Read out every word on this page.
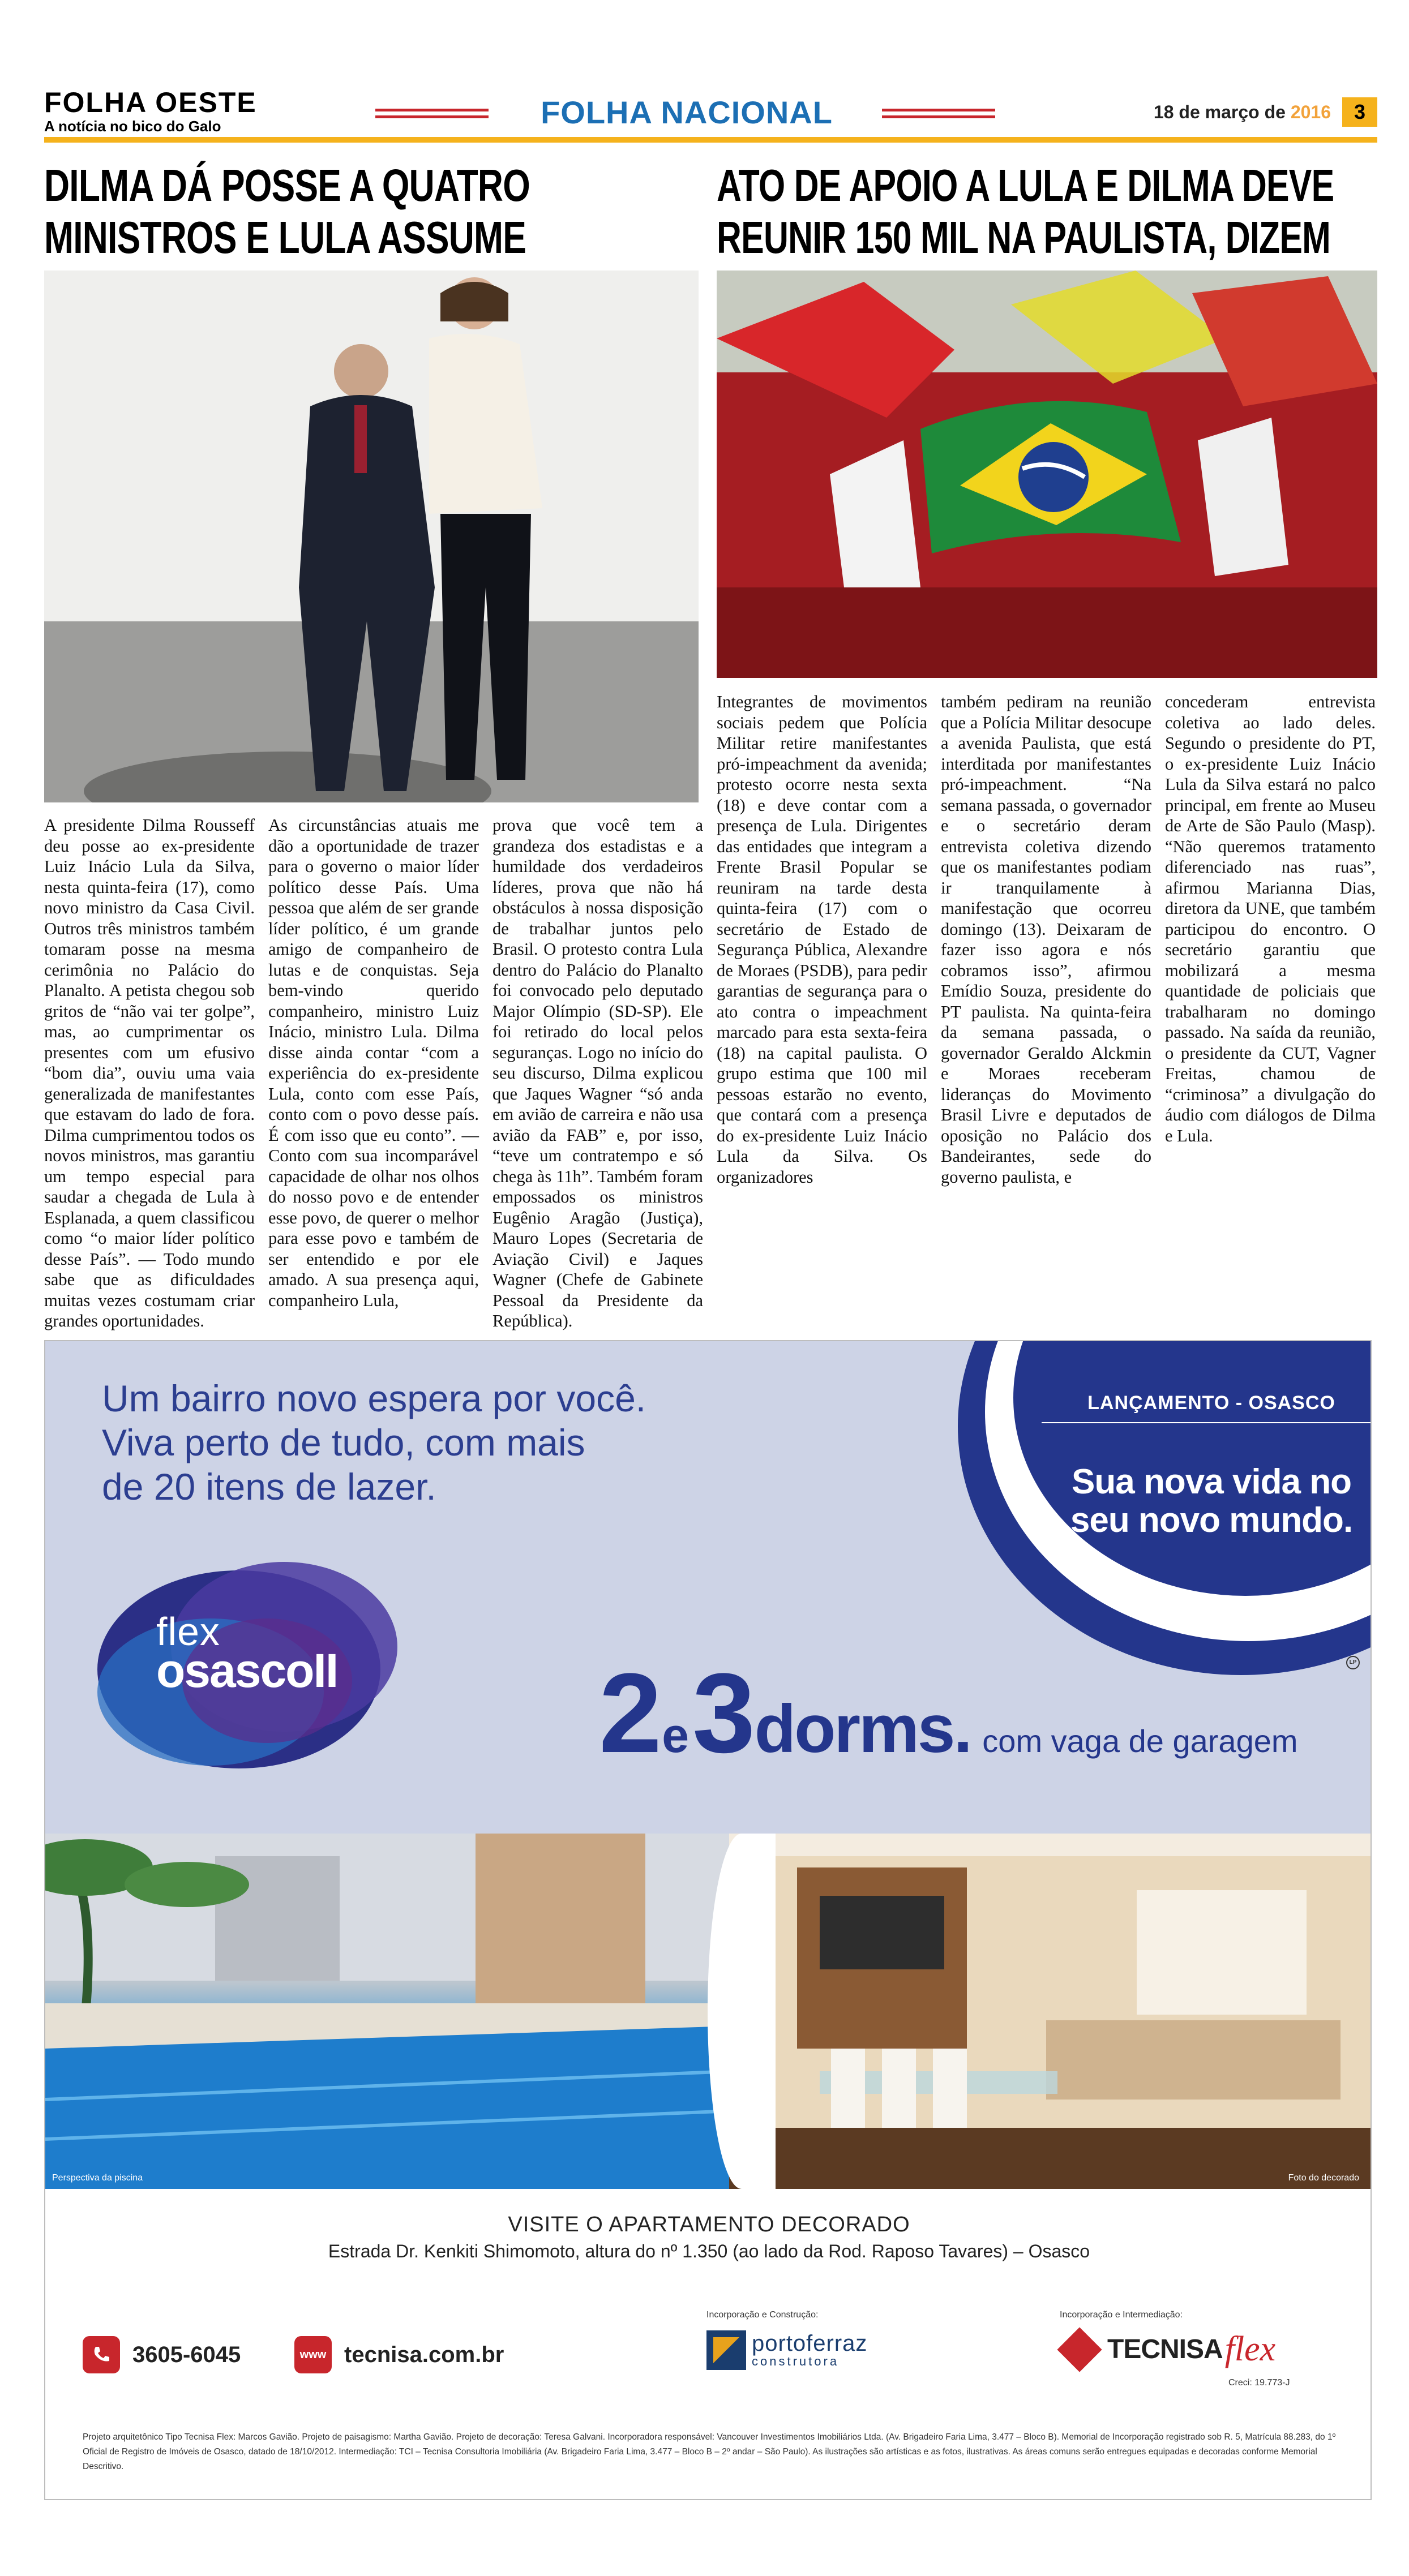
FOLHA OESTE
A notícia no bico do Galo	FOLHA NACIONAL	18 de março de 2016	3
DILMA DÁ POSSE A QUATRO MINISTROS E LULA ASSUME
ATO DE APOIO A LULA E DILMA DEVE REUNIR 150 MIL NA PAULISTA, DIZEM
A presidente Dilma Rousseff deu posse ao ex-presidente Luiz Inácio Lula da Silva, nesta quinta-feira (17), como novo ministro da Casa Civil. Outros três ministros também tomaram posse na mesma cerimônia no Palácio do Planalto. A petista chegou sob gritos de “não vai ter golpe”, mas, ao cumprimentar os presentes com um efusivo “bom dia”, ouviu uma vaia generalizada de manifestantes que estavam do lado de fora. Dilma cumprimentou todos os novos ministros, mas garantiu um tempo especial para saudar a chegada de Lula à Esplanada, a quem classificou como “o maior líder político desse País”. — Todo mundo sabe que as dificuldades muitas vezes costumam criar grandes oportunidades.
As circunstâncias atuais me dão a oportunidade de trazer para o governo o maior líder político desse País. Uma pessoa que além de ser grande líder político, é um grande amigo de companheiro de lutas e de conquistas. Seja bem-vindo querido companheiro, ministro Luiz Inácio, ministro Lula. Dilma disse ainda contar “com a experiência do ex-presidente Lula, conto com esse País, conto com o povo desse país. É com isso que eu conto”. — Conto com sua incomparável capacidade de olhar nos olhos do nosso povo e de entender esse povo, de querer o melhor para esse povo e também de ser entendido e por ele amado. A sua presença aqui, companheiro Lula,
prova que você tem a grandeza dos estadistas e a humildade dos verdadeiros líderes, prova que não há obstáculos à nossa disposição de trabalhar juntos pelo Brasil. O protesto contra Lula dentro do Palácio do Planalto foi convocado pelo deputado Major Olímpio (SD-SP). Ele foi retirado do local pelos seguranças. Logo no início do seu discurso, Dilma explicou que Jaques Wagner “só anda em avião de carreira e não usa avião da FAB” e, por isso, “teve um contratempo e só chega às 11h”. Também foram empossados os ministros Eugênio Aragão (Justiça), Mauro Lopes (Secretaria de Aviação Civil) e Jaques Wagner (Chefe de Gabinete Pessoal da Presidente da República).
Integrantes de movimentos sociais pedem que Polícia Militar retire manifestantes pró-impeachment da avenida; protesto ocorre nesta sexta (18) e deve contar com a presença de Lula. Dirigentes das entidades que integram a Frente Brasil Popular se reuniram na tarde desta quinta-feira (17) com o secretário de Estado de Segurança Pública, Alexandre de Moraes (PSDB), para pedir garantias de segurança para o ato contra o impeachment marcado para esta sexta-feira (18) na capital paulista. O grupo estima que 100 mil pessoas estarão no evento, que contará com a presença do ex-presidente Luiz Inácio Lula da Silva. Os organizadores
também pediram na reunião que a Polícia Militar desocupe a avenida Paulista, que está interditada por manifestantes pró-impeachment. “Na semana passada, o governador e o secretário deram entrevista coletiva dizendo que os manifestantes podiam ir tranquilamente à manifestação que ocorreu domingo (13). Deixaram de fazer isso agora e nós cobramos isso”, afirmou Emídio Souza, presidente do PT paulista. Na quinta-feira da semana passada, o governador Geraldo Alckmin e Moraes receberam lideranças do Movimento Brasil Livre e deputados de oposição no Palácio dos Bandeirantes, sede do governo paulista, e
concederam entrevista coletiva ao lado deles. Segundo o presidente do PT, o ex-presidente Luiz Inácio Lula da Silva estará no palco principal, em frente ao Museu de Arte de São Paulo (Masp). “Não queremos tratamento diferenciado nas ruas”, afirmou Marianna Dias, diretora da UNE, que também participou do encontro. O secretário garantiu que mobilizará a mesma quantidade de policiais que trabalharam no domingo passado. Na saída da reunião, o presidente da CUT, Vagner Freitas, chamou de “criminosa” a divulgação do áudio com diálogos de Dilma e Lula.
Um bairro novo espera por você.
Viva perto de tudo, com mais
de 20 itens de lazer.
LANÇAMENTO - OSASCO
Sua nova vida no
seu novo mundo.
LP
flex
osascoII 2e3 dorms. com vaga de garagem
Perspectiva da piscina	Foto do decorado
VISITE O APARTAMENTO DECORADO
Estrada Dr. Kenkiti Shimomoto, altura do nº 1.350 (ao lado da Rod. Raposo Tavares) – Osasco
3605-6045	www tecnisa.com.br
Incorporação e Construção:
portoferraz
construtora
Incorporação e Intermediação:
TECNISA flex
Creci: 19.773-J
Projeto arquitetônico Tipo Tecnisa Flex: Marcos Gavião. Projeto de paisagismo: Martha Gavião. Projeto de decoração: Teresa Galvani. Incorporadora responsável: Vancouver Investimentos Imobiliários Ltda. (Av. Brigadeiro Faria Lima, 3.477 – Bloco B). Memorial de Incorporação registrado sob R. 5, Matrícula 88.283, do 1º Oficial de Registro de Imóveis de Osasco, datado de 18/10/2012. Intermediação: TCI – Tecnisa Consultoria Imobiliária (Av. Brigadeiro Faria Lima, 3.477 – Bloco B – 2º andar – São Paulo). As ilustrações são artísticas e as fotos, ilustrativas. As áreas comuns serão entregues equipadas e decoradas conforme Memorial Descritivo.
